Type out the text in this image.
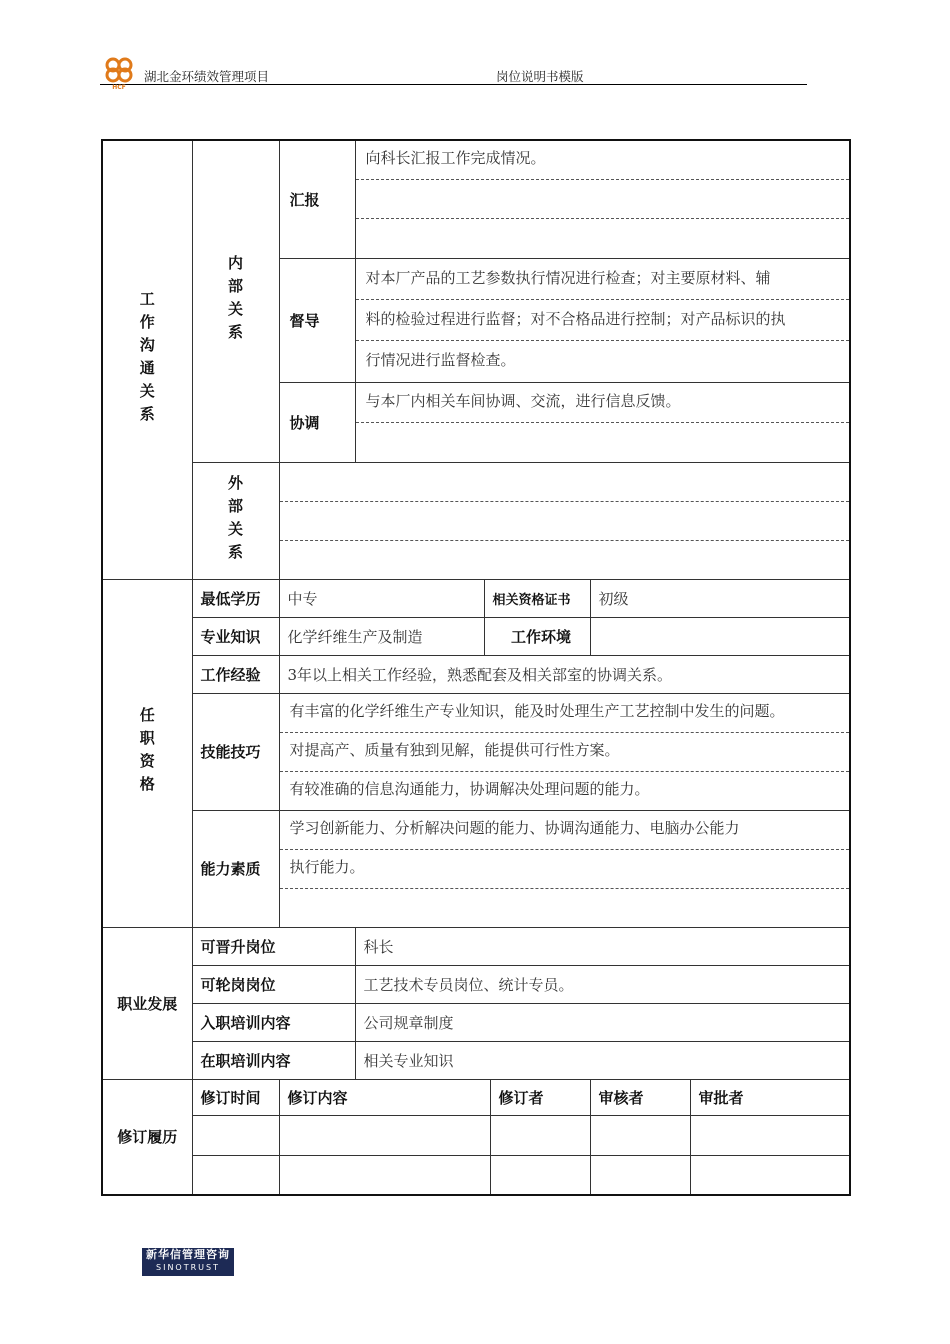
HCF
湖北金环绩效管理项目	岗位说明书模版
工作沟通关系	内部关系	汇报	向科长汇报工作完成情况。				

		督导	对本厂产品的工艺参数执行情况进行检查；对主要原材料、辅
料的检验过程进行监督；对不合格品进行控制；对产品标识的执
行情况进行监督检查。				

		协调	与本厂内相关车间协调、交流，进行信息反馈。				

	外部关系						

任职资格	最低学历	中专		相关资格证书		初级	
	专业知识	化学纤维生产及制造		工作环境			
	工作经验	3年以上相关工作经验，熟悉配套及相关部室的协调关系。					
	技能技巧	有丰富的化学纤维生产专业知识，能及时处理生产工艺控制中发生的问题。
对提高产、质量有独到见解，能提供可行性方案。
有较准确的信息沟通能力，协调解决处理问题的能力。					

	能力素质	学习创新能力、分析解决问题的能力、协调沟通能力、电脑办公能力
执行能力。					

职业发展	可晋升岗位		科长				
	可轮岗岗位		工艺技术专员岗位、统计专员。				
	入职培训内容		公司规章制度				
	在职培训内容		相关专业知识				
修订履历	修订时间	修订内容			修订者	审核者	审批者

新华信管理咨询
SINOTRUST
